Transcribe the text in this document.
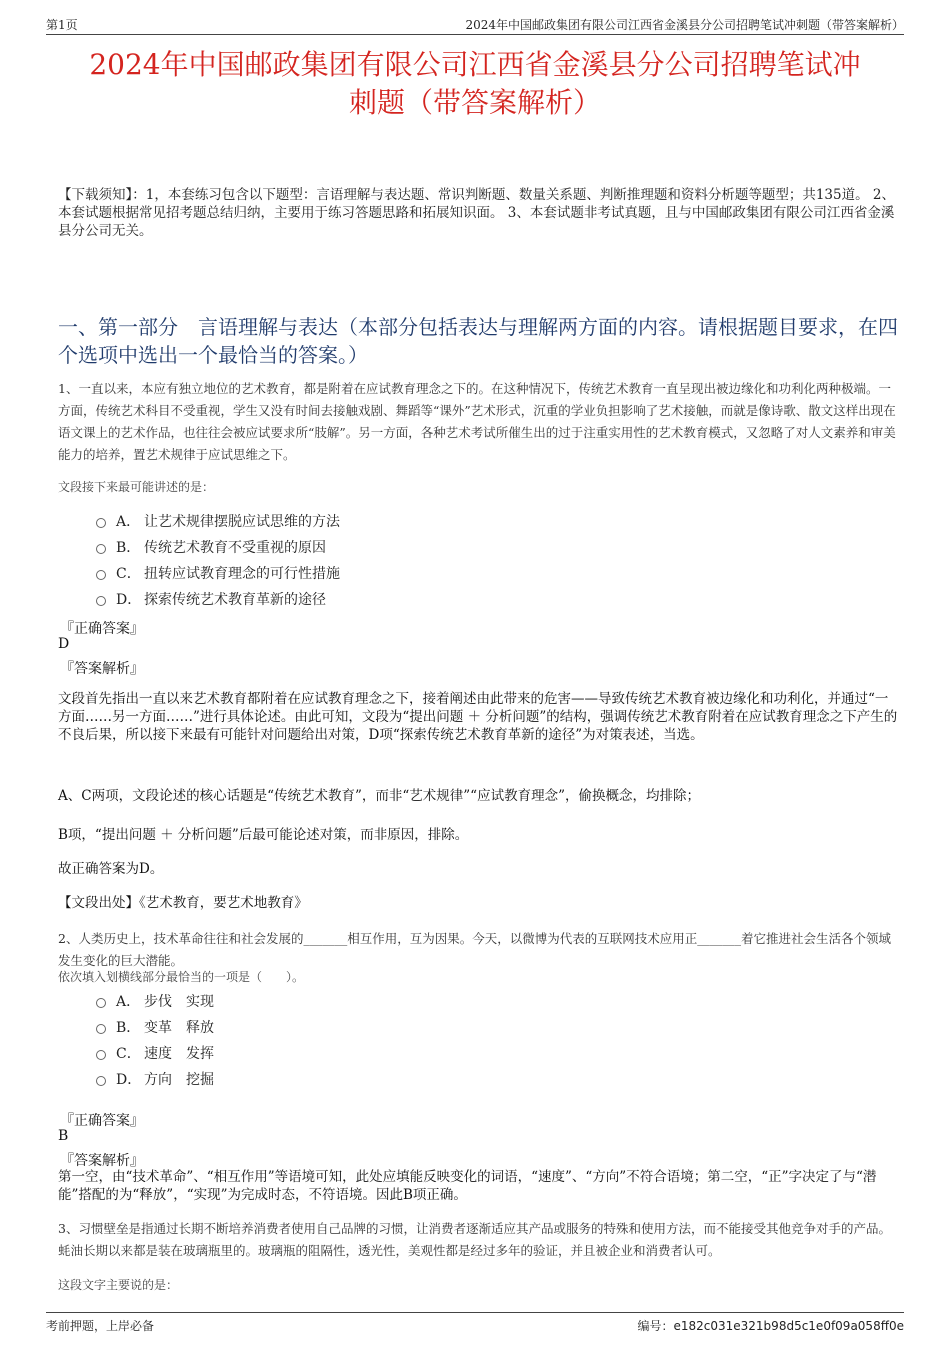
第1页	2024年中国邮政集团有限公司江西省金溪县分公司招聘笔试冲刺题（带答案解析）
2024年中国邮政集团有限公司江西省金溪县分公司招聘笔试冲
刺题（带答案解析）
【下载须知】：1，本套练习包含以下题型：言语理解与表达题、常识判断题、数量关系题、判断推理题和资料分析题等题型；共135道。 2、本套试题根据常见招考题总结归纳，主要用于练习答题思路和拓展知识面。 3、本套试题非考试真题，且与中国邮政集团有限公司江西省金溪县分公司无关。
一、第一部分　言语理解与表达（本部分包括表达与理解两方面的内容。请根据题目要求，在四个选项中选出一个最恰当的答案。）
1、一直以来，本应有独立地位的艺术教育，都是附着在应试教育理念之下的。在这种情况下，传统艺术教育一直呈现出被边缘化和功利化两种极端。一方面，传统艺术科目不受重视，学生又没有时间去接触戏剧、舞蹈等“课外”艺术形式，沉重的学业负担影响了艺术接触，而就是像诗歌、散文这样出现在语文课上的艺术作品，也往往会被应试要求所“肢解”。另一方面，各种艺术考试所催生出的过于注重实用性的艺术教育模式，又忽略了对人文素养和审美能力的培养，置艺术规律于应试思维之下。
文段接下来最可能讲述的是：
A． 让艺术规律摆脱应试思维的方法
B． 传统艺术教育不受重视的原因
C． 扭转应试教育理念的可行性措施
D． 探索传统艺术教育革新的途径
『正确答案』
D
『答案解析』
文段首先指出一直以来艺术教育都附着在应试教育理念之下，接着阐述由此带来的危害——导致传统艺术教育被边缘化和功利化，并通过“一方面……另一方面……”进行具体论述。由此可知，文段为“提出问题 ＋ 分析问题”的结构，强调传统艺术教育附着在应试教育理念之下产生的不良后果，所以接下来最有可能针对问题给出对策，D项“探索传统艺术教育革新的途径”为对策表述，当选。
A、C两项，文段论述的核心话题是“传统艺术教育”，而非“艺术规律”“应试教育理念”，偷换概念，均排除；
B项，“提出问题 ＋ 分析问题”后最可能论述对策，而非原因，排除。
故正确答案为D。
【文段出处】《艺术教育，要艺术地教育》
2、人类历史上，技术革命往往和社会发展的_______相互作用，互为因果。今天，以微博为代表的互联网技术应用正_______着它推进社会生活各个领域发生变化的巨大潜能。
依次填入划横线部分最恰当的一项是（　　）。
A． 步伐　实现
B． 变革　释放
C． 速度　发挥
D． 方向　挖掘
『正确答案』
B
『答案解析』
第一空，由“技术革命”、“相互作用”等语境可知，此处应填能反映变化的词语，“速度”、“方向”不符合语境；第二空，“正”字决定了与“潜能”搭配的为“释放”，“实现”为完成时态，不符语境。因此B项正确。
3、习惯壁垒是指通过长期不断培养消费者使用自己品牌的习惯，让消费者逐渐适应其产品或服务的特殊和使用方法，而不能接受其他竞争对手的产品。蚝油长期以来都是装在玻璃瓶里的。玻璃瓶的阻隔性，透光性，美观性都是经过多年的验证，并且被企业和消费者认可。
这段文字主要说的是：
考前押题，上岸必备	编号：e182c031e321b98d5c1e0f09a058ff0e
